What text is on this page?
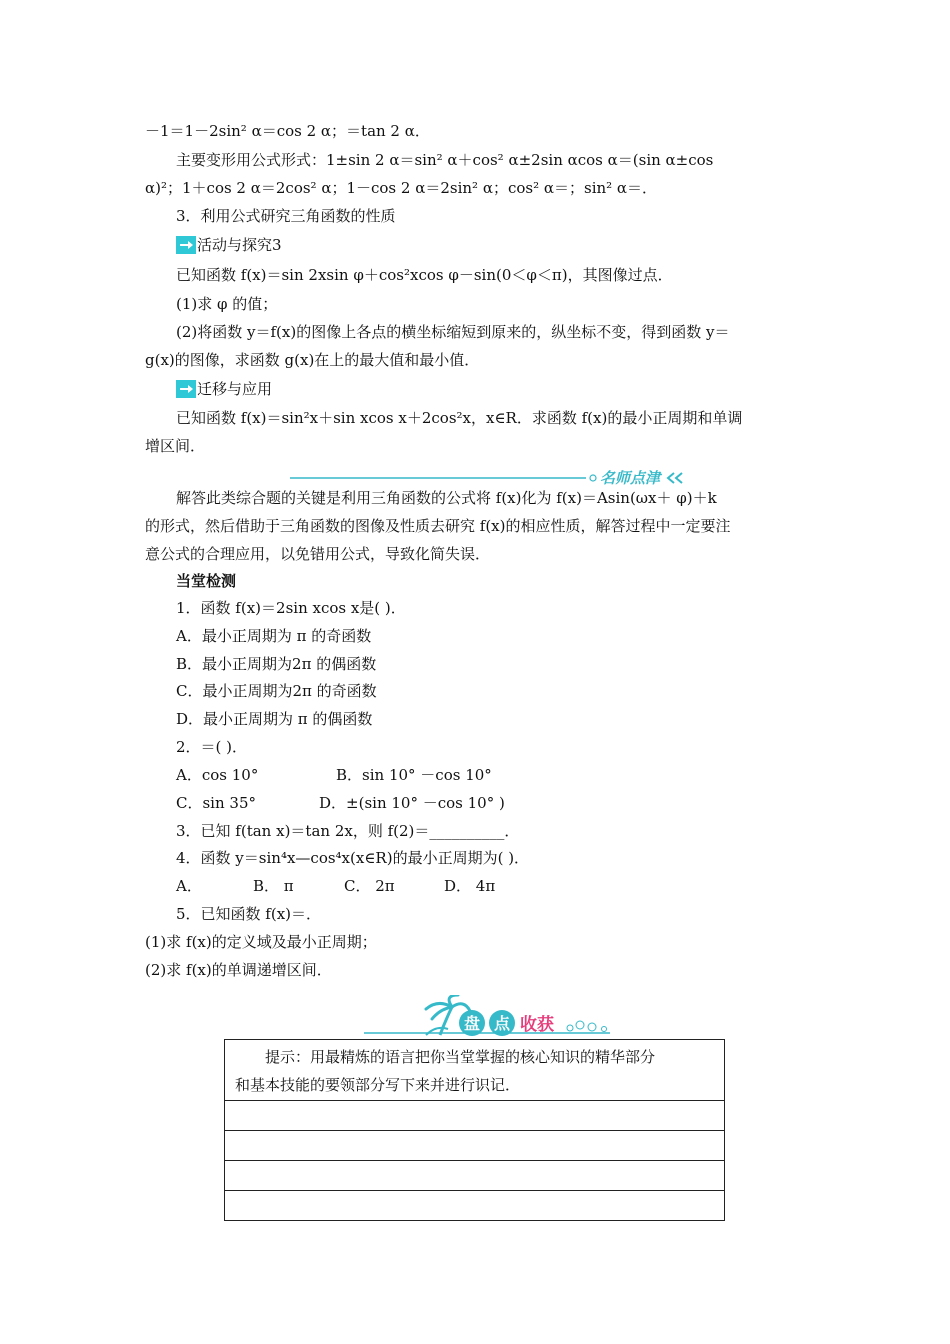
－1＝1－2sin² α＝cos 2 α；＝tan 2 α．
主要变形用公式形式：1±sin 2 α＝sin² α＋cos² α±2sin αcos α＝(sin α±cos
α)²；1＋cos 2 α＝2cos² α；1－cos 2 α＝2sin² α；cos² α＝；sin² α＝．
3．利用公式研究三角函数的性质
活动与探究3
已知函数 f(x)＝sin 2xsin φ＋cos²xcos φ－sin(0＜φ＜π)，其图像过点．
(1)求 φ 的值；
(2)将函数 y＝f(x)的图像上各点的横坐标缩短到原来的，纵坐标不变，得到函数 y＝
g(x)的图像，求函数 g(x)在上的最大值和最小值．
迁移与应用
已知函数 f(x)＝sin²x＋sin xcos x＋2cos²x，x∈R．求函数 f(x)的最小正周期和单调
增区间．
名师点津
解答此类综合题的关键是利用三角函数的公式将 f(x)化为 f(x)＝Asin(ωx＋ φ)＋k
的形式，然后借助于三角函数的图像及性质去研究 f(x)的相应性质，解答过程中一定要注
意公式的合理应用，以免错用公式，导致化简失误．
当堂检测
1．函数 f(x)＝2sin xcos x是( )．
A．最小正周期为 π 的奇函数
B．最小正周期为2π 的偶函数
C．最小正周期为2π 的奇函数
D．最小正周期为 π 的偶函数
2．＝( )．
A．cos 10°	B．sin 10° －cos 10°
C．sin 35°	D．±(sin 10° －cos 10° )
3．已知 f(tan x)＝tan 2x，则 f(2)＝__________．
4．函数 y＝sin⁴x—cos⁴x(x∈R)的最小正周期为( )．
A．	B． π	C． 2π	D． 4π
5．已知函数 f(x)＝．
(1)求 f(x)的定义域及最小正周期；
(2)求 f(x)的单调递增区间．
盘 点 收获
提示：用最精炼的语言把你当堂掌握的核心知识的精华部分
和基本技能的要领部分写下来并进行识记．
